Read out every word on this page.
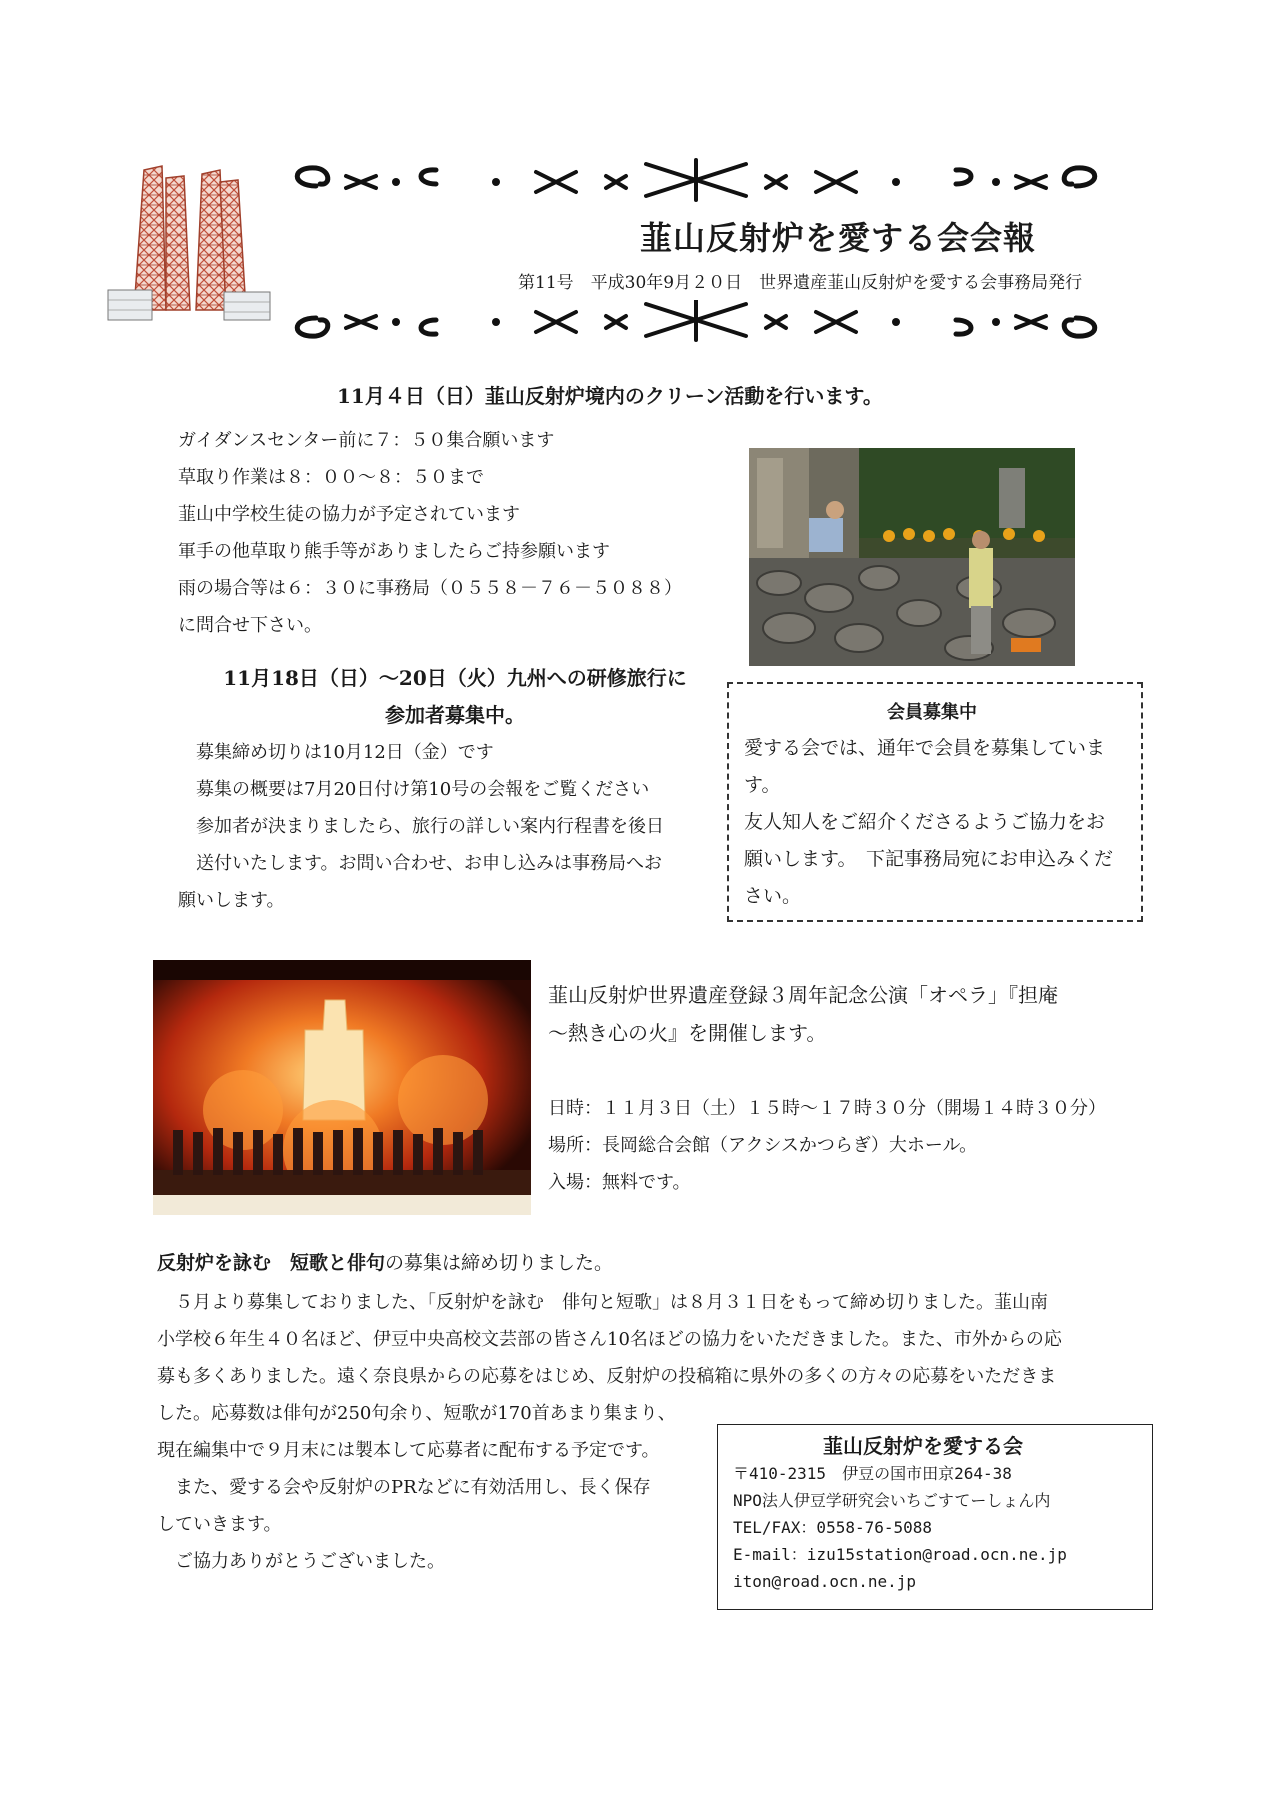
韮山反射炉を愛する会会報
第11号　平成30年9月２０日　世界遺産韮山反射炉を愛する会事務局発行
11月４日（日）韮山反射炉境内のクリーン活動を行います。
ガイダンスセンター前に７：５０集合願います
草取り作業は８：００～８：５０まで
韮山中学校生徒の協力が予定されています
軍手の他草取り熊手等がありましたらご持参願います
雨の場合等は６：３０に事務局（０５５８－７６－５０８８）
に問合せ下さい。
11月18日（日）～20日（火）九州への研修旅行に
参加者募集中。
　募集締め切りは10月12日（金）です
　募集の概要は7月20日付け第10号の会報をご覧ください
　参加者が決まりましたら、旅行の詳しい案内行程書を後日
　送付いたします。お問い合わせ、お申し込みは事務局へお
願いします。
会員募集中
愛する会では、通年で会員を募集していま
す。
友人知人をご紹介くださるようご協力をお
願いします。　下記事務局宛にお申込みくだ
さい。
韮山反射炉世界遺産登録３周年記念公演「オペラ」『担庵
～熱き心の火』を開催します。
日時：１１月３日（土）１５時～１７時３０分（開場１４時３０分）
場所：長岡総合会館（アクシスかつらぎ）大ホール。
入場：無料です。
反射炉を詠む　短歌と俳句の募集は締め切りました。
　５月より募集しておりました、「反射炉を詠む　俳句と短歌」は８月３１日をもって締め切りました。韮山南
小学校６年生４０名ほど、伊豆中央高校文芸部の皆さん10名ほどの協力をいただきました。また、市外からの応
募も多くありました。遠く奈良県からの応募をはじめ、反射炉の投稿箱に県外の多くの方々の応募をいただきま
した。応募数は俳句が250句余り、短歌が170首あまり集まり、
現在編集中で９月末には製本して応募者に配布する予定です。
　また、愛する会や反射炉のPRなどに有効活用し、長く保存
していきます。
　ご協力ありがとうございました。
韮山反射炉を愛する会
〒410-2315　伊豆の国市田京264-38
NPO法人伊豆学研究会いちごすてーしょん内
TEL/FAX：0558-76-5088
E-mail：izu15station@road.ocn.ne.jp
iton@road.ocn.ne.jp
